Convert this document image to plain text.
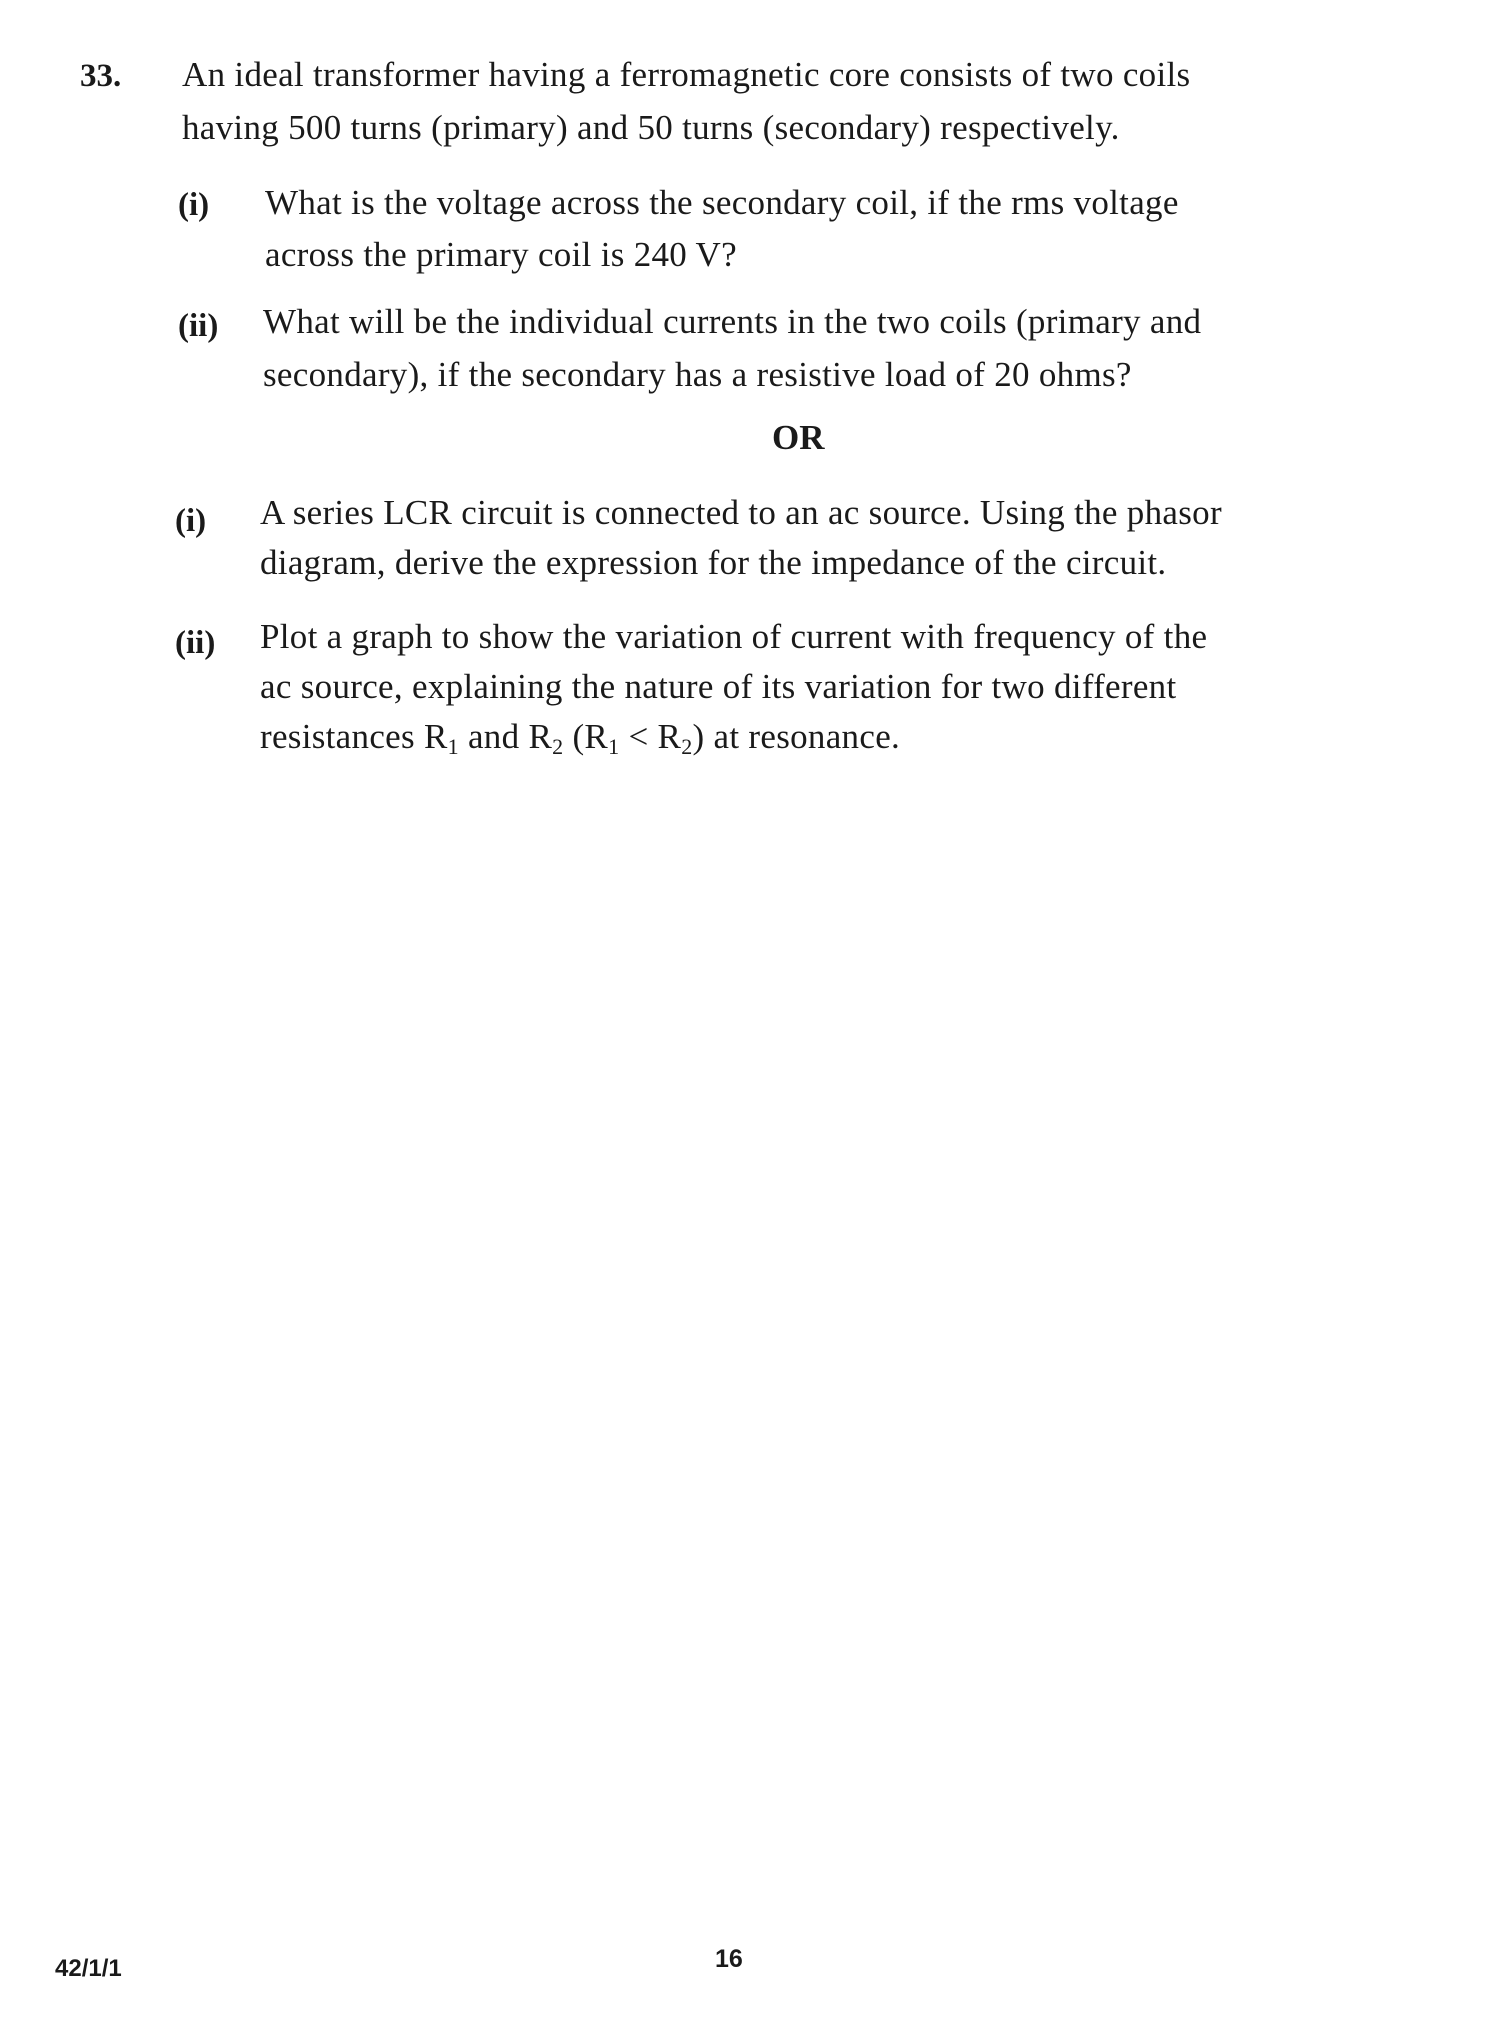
33. An ideal transformer having a ferromagnetic core consists of two coils
having 500 turns (primary) and 50 turns (secondary) respectively.
(i) What is the voltage across the secondary coil, if the rms voltage
across the primary coil is 240 V?
(ii) What will be the individual currents in the two coils (primary and
secondary), if the secondary has a resistive load of 20 ohms?
OR
(i) A series LCR circuit is connected to an ac source. Using the phasor
diagram, derive the expression for the impedance of the circuit.
(ii) Plot a graph to show the variation of current with frequency of the
ac source, explaining the nature of its variation for two different
resistances $R_1$ and $R_2$ $(R_1 < R_2)$ at resonance.
42/1/1	16
